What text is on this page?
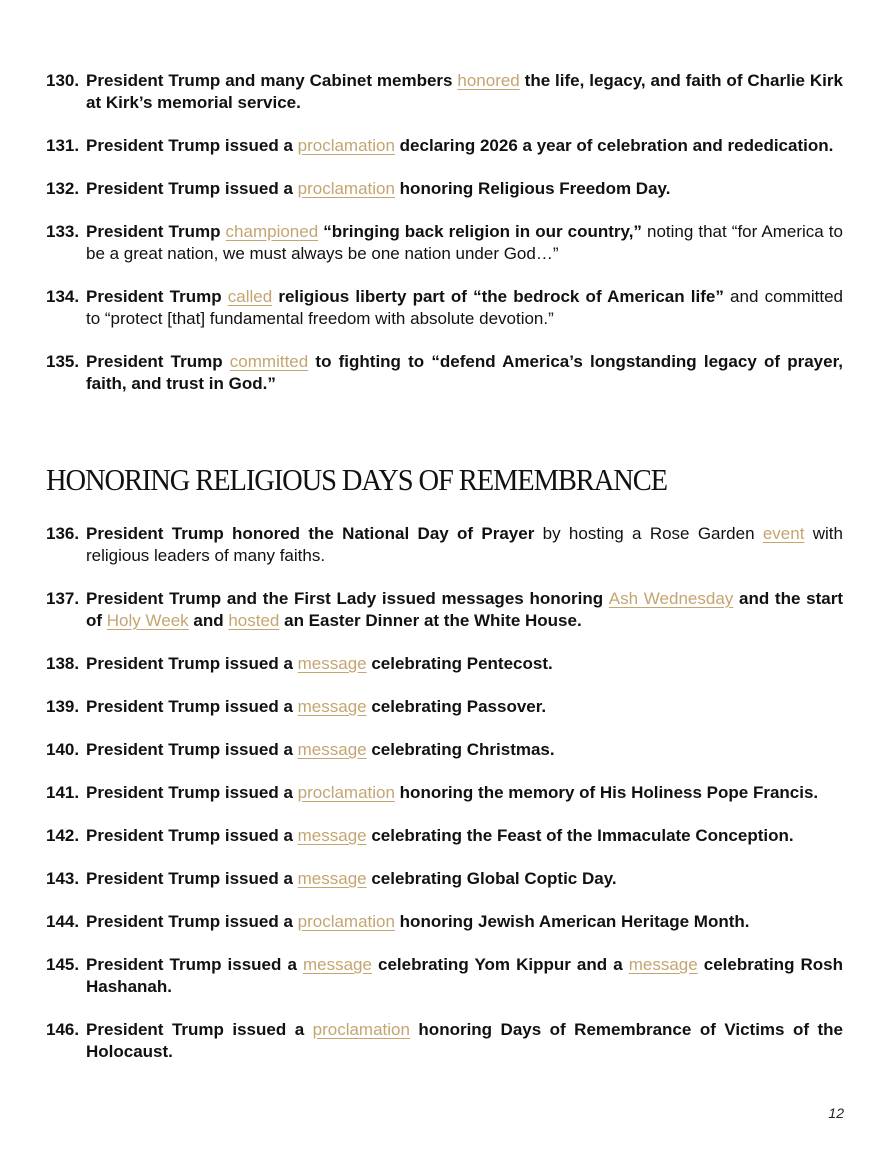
130. President Trump and many Cabinet members honored the life, legacy, and faith of Charlie Kirk at Kirk’s memorial service.
131. President Trump issued a proclamation declaring 2026 a year of celebration and rededication.
132. President Trump issued a proclamation honoring Religious Freedom Day.
133. President Trump championed “bringing back religion in our country,” noting that “for America to be a great nation, we must always be one nation under God…”
134. President Trump called religious liberty part of “the bedrock of American life” and committed to “protect [that] fundamental freedom with absolute devotion.”
135. President Trump committed to fighting to “defend America’s longstanding legacy of prayer, faith, and trust in God.”
HONORING RELIGIOUS DAYS OF REMEMBRANCE
136. President Trump honored the National Day of Prayer by hosting a Rose Garden event with religious leaders of many faiths.
137. President Trump and the First Lady issued messages honoring Ash Wednesday and the start of Holy Week and hosted an Easter Dinner at the White House.
138. President Trump issued a message celebrating Pentecost.
139. President Trump issued a message celebrating Passover.
140. President Trump issued a message celebrating Christmas.
141. President Trump issued a proclamation honoring the memory of His Holiness Pope Francis.
142. President Trump issued a message celebrating the Feast of the Immaculate Conception.
143. President Trump issued a message celebrating Global Coptic Day.
144. President Trump issued a proclamation honoring Jewish American Heritage Month.
145. President Trump issued a message celebrating Yom Kippur and a message celebrating Rosh Hashanah.
146. President Trump issued a proclamation honoring Days of Remembrance of Victims of the Holocaust.
12
